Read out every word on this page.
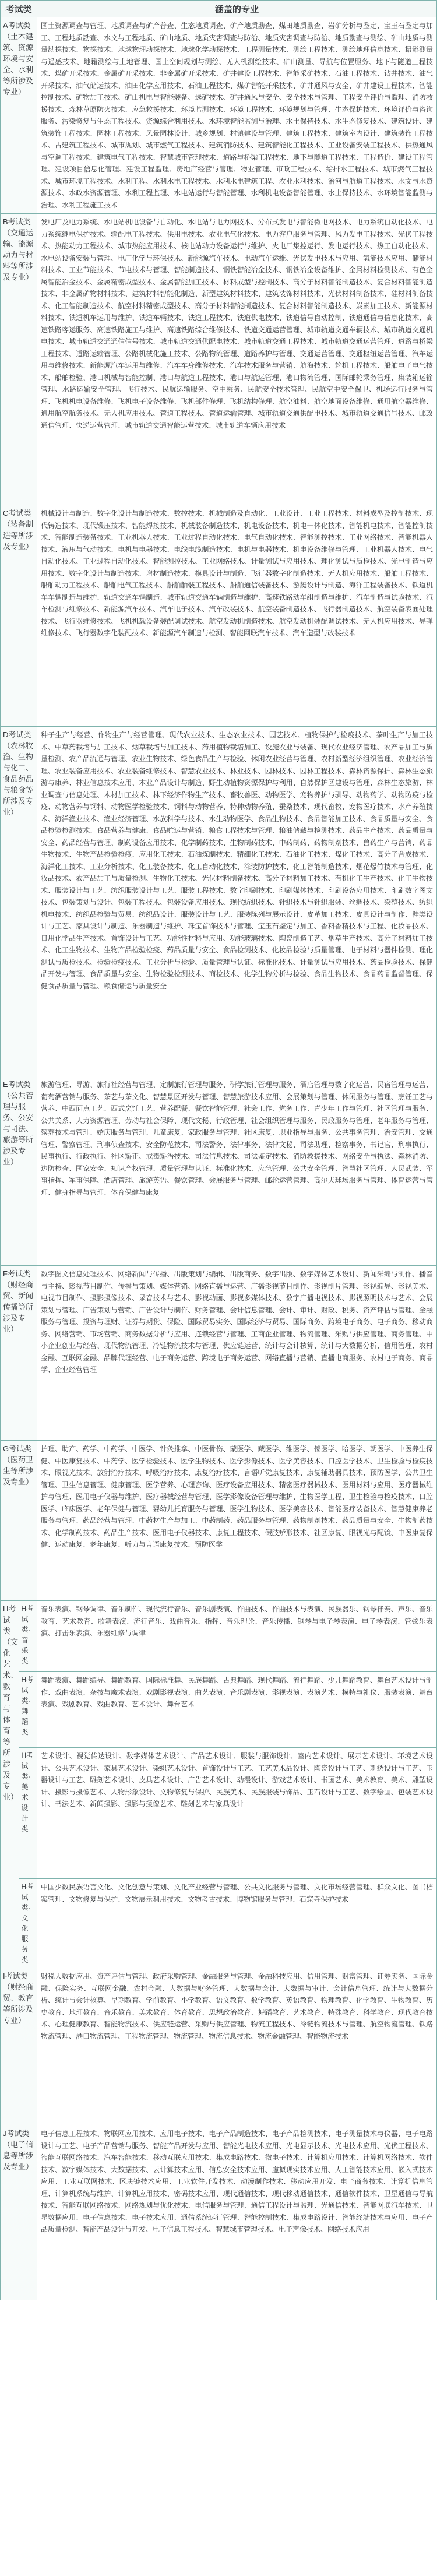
考试类		涵盖的专业
A考试类（土木建筑、资源环境与安全、水利等所涉及专业）		国土资源调查与管理、地质调查与矿产普查、生态地质调查、矿产地质勘查、煤田地质勘查、岩矿分析与鉴定、宝玉石鉴定与加工、工程地质勘查、水文与工程地质、矿山地质、地质灾害调查与防治、地质灾害调查与防治、地质勘查与测绘、矿山地质与测量勘探技术、物探技术、地球物理勘探技术、地球化学勘探技术、工程测量技术、测绘工程技术、测绘地理信息技术、摄影测量与遥感技术、地籍测绘与土地管理、国土空间规划与测绘、无人机测绘技术、矿山测量、导航与位置服务、地下与隧道工程技术、煤矿开采技术、金属矿开采技术、非金属矿开采技术、矿井建设工程技术、智能采矿技术、石油工程技术、钻井技术、油气开采技术、油气储运技术、油田化学应用技术、石油工程技术、煤矿智能开采技术、矿井通风与安全、矿井建设工程技术、智能控制技术、矿物加工技术、矿山机电与智能装备、选矿技术、矿井通风与安全、安全技术与管理、工程安全评价与监理、消防救援技术、森林草原防火技术、应急救援技术、环境监测技术、环境工程技术、环境规划与管理、生态保护技术、环境评价与咨询服务、污染修复与生态工程技术、资源综合利用技术、水环境智能监测与治理、水土保持技术、水生态修复技术、建筑设计、建筑装饰工程技术、园林工程技术、风景园林设计、城乡规划、村镇建设与管理、建筑工程技术、建筑室内设计、建筑装饰工程技术、古建筑工程技术、城市规划、城市燃气工程技术、建筑消防技术、建筑智能化工程技术、工业设备安装工程技术、供热通风与空调工程技术、建筑电气工程技术、智慧城市管理技术、道路与桥梁工程技术、地下与隧道工程技术、工程造价、建设工程管理、建设项目信息化管理、建设工程监理、房地产经营与管理、物业管理、市政工程技术、给排水工程技术、城市燃气工程技术、城市环境工程技术、水利工程、水利水电工程技术、水利水电建筑工程、农业水利技术、治河与航道工程技术、水文与水资源技术、水政水资源管理、水利工程监理、水电站运行与智能管理、水利机电设备智能管理、水土保持技术、水环境智能监测与治理、水利工程施工技术
B考试类（交通运输、能源动力与材料等所涉及专业）		发电厂及电力系统、水电站机电设备与自动化、水电站与电力网技术、分布式发电与智能微电网技术、电力系统自动化技术、电力系统继电保护技术、输配电工程技术、供用电技术、农业电气化技术、电力客户服务与管理、风力发电工程技术、光伏工程技术、热能动力工程技术、城市热能应用技术、核电站动力设备运行与维护、火电厂集控运行、发电运行技术、热工自动化技术、水电站设备安装与管理、电厂化学与环保技术、新能源汽车技术、电动汽车运维、光伏发电技术与应用、氢能技术应用、储能材料技术、工业节能技术、节电技术与管理、智能制造技术、钢铁智能冶金技术、钢铁冶金设备维护、金属材料检测技术、有色金属智能冶金技术、金属精密成型技术、金属智能加工技术、材料成型与控制技术、高分子材料智能制造技术、复合材料智能制造技术、非金属矿物材料技术、建筑材料智能化制造、新型建筑材料技术、建筑装饰材料技术、光伏材料制备技术、硅材料制备技术、化工智能制造技术、航空材料精密成型技术、高分子材料智能制造技术、复合材料智能制造技术、炭素加工技术、新能源材料技术、铁道机车运用与维护、铁道车辆技术、铁道工程技术、铁道供电技术、铁道信号自动控制、铁道通信与信息化技术、高速铁路客运服务、高速铁路施工与维护、高速铁路综合维修技术、铁道交通运营管理、城市轨道交通车辆技术、城市轨道交通机电技术、城市轨道交通通信信号技术、城市轨道交通供配电技术、城市轨道交通工程技术、城市轨道交通运营管理、道路与桥梁工程技术、道路运输管理、公路机械化施工技术、公路物流管理、道路养护与管理、交通运营管理、交通枢纽运营管理、汽车运用与维修技术、新能源汽车运用与维修、汽车车身维修技术、汽车技术服务与营销、航海技术、轮机工程技术、船舶电子电气技术、船舶检验、港口机械与智能控制、港口与航道工程技术、港口与航运管理、港口物流管理、国际邮轮乘务管理、集装箱运输管理、水路运输安全管理、飞行技术、民航运输服务、空中乘务、民航安全技术管理、民航空中安全保卫、机场运行服务与管理、飞机机电设备维修、飞机电子设备维修、飞机部件修理、飞机结构修理、航空油料、航空地面设备维修、通用航空器维修、通用航空航务技术、无人机应用技术、管道工程技术、管道运输管理、城市轨道交通供配电技术、城市轨道交通信号技术、邮政通信管理、快递运营管理、城市轨道交通智能运营技术、城市轨道车辆应用技术
C考试类（装备制造等所涉及专业）		机械设计与制造、数字化设计与制造技术、数控技术、机械制造及自动化、工业设计、工业工程技术、材料成型及控制技术、现代铸造技术、现代锻压技术、智能焊接技术、机械装备制造技术、机电设备技术、机电一体化技术、智能机电技术、智能控制技术、智能制造装备技术、工业机器人技术、工业过程自动化技术、电气自动化技术、智能测控技术、工业网络技术、智能机器人技术、液压与气动技术、电机与电器技术、电线电缆制造技术、电机与电器技术、机电设备维修与管理、工业机器人技术、电气自动化技术、工业过程自动化技术、智能测控技术、工业网络技术、计量测试与应用技术、理化测试与质检技术、光电制造与应用技术、数字化设计与制造技术、增材制造技术、模具设计与制造、飞行器数字化制造技术、无人机应用技术、船舶工程技术、船舶动力工程技术、船舶电气工程技术、船舶舾装工程技术、船舶通信装备技术、游艇设计与制造、海洋工程装备技术、铁道机车车辆制造与维护、轨道交通车辆制造、城市轨道交通车辆制造与维护、高速铁路动车组制造与维护、汽车制造与试验技术、汽车检测与维修技术、新能源汽车技术、汽车电子技术、汽车改装技术、航空装备制造技术、飞行器制造技术、航空装备表面处理技术、飞行器维修技术、飞机机载设备装配调试技术、航空发动机制造技术、航空发动机装配调试技术、无人机应用技术、导弹维修技术、飞行器数字化装配技术、新能源汽车制造与检测、智能网联汽车技术、汽车造型与改装技术
D考试类（农林牧渔、生物与化工、食品药品与粮食等所涉及专业）		种子生产与经营、作物生产与经营管理、现代农业技术、生态农业技术、园艺技术、植物保护与检疫技术、茶叶生产与加工技术、中草药栽培与加工技术、烟草栽培与加工技术、药用植物栽培加工、设施农业与装备、现代农业经济管理、农产品加工与质量检测、农产品流通与管理、农业生物技术、绿色食品生产与检验、休闲农业经营与管理、农村新型经济组织管理、农业经济管理、农业装备应用技术、农业装备维修技术、智慧农业技术、林业技术、园林技术、园林工程技术、森林资源保护、森林生态旅游与康养、林业信息技术应用、木业产品设计与制造、野生动植物资源保护与利用、自然保护区建设与管理、森林生态旅游、林业调查与信息处理、木材加工技术、林下经济作物生产技术、畜牧兽医、动物医学、宠物养护与驯导、动物药学、动物防疫与检疫、动物营养与饲料、动物医学检验技术、饲料与动物营养、特种动物养殖、蚕桑技术、现代畜牧、宠物医疗技术、水产养殖技术、海洋渔业技术、渔业经济管理、水族科学与技术、水生动物医学、食品生物技术、食品智能加工技术、食品质量与安全、食品检验检测技术、食品营养与健康、食品贮运与营销、粮食工程技术与管理、粮油储藏与检测技术、药品生产技术、药品质量与安全、药品经营与管理、制药设备应用技术、化学制药技术、生物制药技术、中药制药、药物制剂技术、兽药生产与营销、药品生物技术、生物产品检验检疫、应用化工技术、石油炼制技术、精细化工技术、石油化工技术、煤化工技术、高分子合成技术、海洋化工技术、工业分析技术、化工装备技术、化工自动化技术、涂装防护技术、化工智能制造技术、烟花爆竹技术与管理、化妆品技术、农产品加工与质量检测、生物化工技术、光伏材料制备技术、高分子材料加工技术、有机化工生产技术、化工生物技术、服装设计与工艺、纺织服装设计与工艺、服装工程技术、数字印刷技术、印刷媒体技术、印刷设备应用技术、印刷数字图文技术、包装策划与设计、包装工程技术、包装设备应用技术、现代纺织技术、针织技术与针织服装、丝绸技术、染整技术、纺织机电技术、纺织品检验与贸易、纺织品设计、服装设计与工艺、服装陈列与展示设计、皮革加工技术、皮具设计与制作、鞋类设计与工艺、家具设计与制造、乐器制造与维护、珠宝首饰技术与管理、宝玉石鉴定与加工、香料香精技术与工程、化妆品技术、日用化学品生产技术、首饰设计与工艺、功能性材料与应用、功能玻璃技术、陶瓷制造工艺、烟草生产技术、高分子材料加工技术、化工生物技术、生物产品检验检疫、药品质量与安全、食品检测技术、化妆品检验与质量管理、电子材料与器件检测、理化测试与质检技术、检验检疫技术、工业分析与检验、质量管理与认证、标准化技术、计量测试与应用技术、药品检验技术、保健品开发与管理、食品质量与安全、生物检验检测技术、商检技术、化学生物分析与检验、食品生物技术、食品药品监督管理、保健食品质量与管理、粮食储运与质量安全
E考试类（公共管理与服务、公安与司法、旅游等所涉及专业）		旅游管理、导游、旅行社经营与管理、定制旅行管理与服务、研学旅行管理与服务、酒店管理与数字化运营、民宿管理与运营、葡萄酒营销与服务、茶艺与茶文化、智慧景区开发与管理、智慧旅游技术应用、会展策划与管理、休闲服务与管理、烹饪工艺与营养、中西面点工艺、西式烹饪工艺、营养配餐、餐饮智能管理、社会工作、党务工作、青少年工作与管理、社区管理与服务、公共关系、人力资源管理、劳动与社会保障、现代文秘、行政管理、社会组织管理与服务、民政服务与管理、老年服务与管理、殡葬技术与管理、婚庆服务与管理、儿童康复、家政服务与管理、社区康复、职业指导与服务、公共事务管理、治安管理、交通管理、警察管理、刑事侦查技术、安全防范技术、司法警务、法律事务、法律文秘、司法助理、检察事务、书记官、刑事执行、民事执行、行政执行、社区矫正、戒毒矫治技术、司法信息技术、司法鉴定技术、消防救援技术、网络安全与执法、森林消防、边防检查、国家安全、知识产权管理、质量管理与认证、标准化技术、应急管理、公共安全管理、智慧社区管理、人民武装、军事指挥、军事保障、酒店管理、旅游英语、餐饮管理、会展服务与管理、邮轮运营管理、高尔夫球场服务与管理、体育运营与管理、健身指导与管理、体育保健与康复
F考试类（财经商贸、新闻传播等所涉及专业）		数字图文信息处理技术、网络新闻与传播、出版策划与编辑、出版商务、数字出版、数字媒体艺术设计、新闻采编与制作、播音与主持、影视节目制作、传播与策划、媒体营销、网络直播与运营、广播影视节目制作、影视制片管理、影视编导、影视美术、电视节目制作、摄影摄像技术、录音技术与艺术、影视动画、影视多媒体技术、数字广播电视技术、影视照明技术与艺术、会展策划与管理、广告策划与营销、广告设计与制作、财务管理、会计信息管理、会计、审计、财政、税务、资产评估与管理、金融服务与管理、投资与理财、证券与期货、保险、国际贸易实务、国际经济与贸易、国际商务、跨境电子商务、电子商务、移动商务、网络营销、市场营销、商务数据分析与应用、连锁经营与管理、工商企业管理、物流管理、采购与供应管理、商务管理、中小企业创业与经营、现代物流管理、冷链物流技术与管理、供应链运营、统计与会计核算、统计与大数据分析、信用管理、农村金融、互联网金融、品牌代理经营、电子商务运营、跨境电子商务运营、网络直播与营销、直播电商服务、农村电子商务、商品学、企业经营管理
G考试类（医药卫生等所涉及专业）		护理、助产、药学、中药学、中医学、针灸推拿、中医骨伤、蒙医学、藏医学、维医学、傣医学、哈医学、朝医学、中医养生保健、中医康复技术、中药学、医学检验技术、医学生物技术、医学影像技术、医学美容技术、口腔医学技术、卫生检验与检疫技术、眼视光技术、放射治疗技术、呼吸治疗技术、康复治疗技术、言语听觉康复技术、康复辅助器具技术、预防医学、公共卫生管理、卫生信息管理、健康管理、医学营养、心理咨询、医疗设备应用技术、精密医疗器械技术、医用材料与应用、医疗器械维护与管理、医用电子仪器与维护、医疗器械经营与管理、医学影像设备管理与维护、生物医学工程、卫生检验与检疫技术、口腔医学、临床医学、老年保健与管理、婴幼儿托育服务与管理、医学生物技术、医学美容技术、智能医疗装备技术、智慧健康养老服务与管理、药品经营与管理、中药材生产与加工、中药制药、药品服务与管理、药物制剂技术、药品质量与安全、生物制药技术、化学制药技术、药品生产技术、医用电子仪器技术、康复工程技术、假肢矫形技术、社区康复、眼视光与配镜、中医康复保健、运动康复、老年康复、听力与言语康复技术、预防医学
H考试类（文化艺术、教育与体育等所涉及专业）	H考试类-音乐类	音乐表演、钢琴调律、音乐制作、现代流行音乐、音乐剧表演、作曲技术、作曲技术与表演、民族器乐、钢琴伴奏、声乐、音乐教育、艺术教育、歌舞表演、流行音乐、戏曲音乐、指挥、音乐理论、音乐传播、钢琴与电子琴表演、电子琴表演、管弦乐表演、打击乐表演、乐器维修与调律
	H考试类-舞蹈类	舞蹈表演、舞蹈编导、舞蹈教育、国际标准舞、民族舞蹈、古典舞蹈、现代舞蹈、流行舞蹈、少儿舞蹈教育、舞台艺术设计与制作、戏曲表演、杂技与魔术表演、戏剧影视表演、曲艺表演、音乐剧表演、影视表演、表演艺术、模特与礼仪、服装表演、舞台表演、戏剧教育、戏曲教育、艺术设计、舞台艺术
	H考试类-美术设计类	艺术设计、视觉传达设计、数字媒体艺术设计、产品艺术设计、服装与服饰设计、室内艺术设计、展示艺术设计、环境艺术设计、公共艺术设计、家具艺术设计、染织艺术设计、首饰设计与工艺、工艺美术品设计、陶瓷设计与工艺、刺绣设计与工艺、玉器设计与工艺、雕刻艺术设计、皮具艺术设计、广告艺术设计、动漫设计、游戏艺术设计、书画艺术、美术教育、美术、雕塑设计、摄影与摄像艺术、人物形象设计、文物修复与保护、民族美术、民族服装与饰品、玉石设计与工艺、数字绘画、包装艺术设计、书法艺术、新闻摄影、摄影与摄像艺术、雕刻艺术与家具设计
	H考试类-文化服务类	中国少数民族语言文化、文化创意与策划、文化产业经营与管理、公共文化服务与管理、文化市场经营管理、群众文化、图书档案管理、文物修复与保护、文物展示利用技术、文物考古技术、博物馆服务与管理、石窟寺保护技术
I考试类（财经商贸、教育等所涉及专业）		财税大数据应用、资产评估与管理、政府采购管理、金融服务与管理、金融科技应用、信用管理、财富管理、证券实务、国际金融、保险实务、互联网金融、农村金融、大数据与财务管理、大数据与会计、大数据与审计、会计信息管理、统计与大数据分析、统计与会计核算、早期教育、学前教育、小学教育、语文教育、数学教育、英语教育、物理教育、化学教育、生物教育、历史教育、地理教育、音乐教育、美术教育、体育教育、思想政治教育、舞蹈教育、艺术教育、特殊教育、科学教育、现代教育技术、心理健康教育、智能物流技术、供应链运营、采购与供应管理、物流工程技术、冷链物流技术与管理、航空物流管理、铁路物流管理、港口物流管理、工程物流管理、物流管理、物流信息技术、物流金融管理、智能物流技术
J考试类（电子信息等所涉及专业）		电子信息工程技术、物联网应用技术、应用电子技术、电子产品制造技术、电子产品检测技术、电子测量技术与仪器、电子电路设计与工艺、电子产品营销与服务、智能产品开发与应用、智能光电技术应用、光电显示技术、光电技术应用、光伏工程技术、智能互联网络技术、汽车智能技术、移动互联应用技术、集成电路技术、微电子技术、计算机应用技术、计算机网络技术、软件技术、数字媒体技术、大数据技术、云计算技术应用、信息安全技术应用、虚拟现实技术应用、人工智能技术应用、嵌入式技术应用、工业互联网技术、区块链技术应用、工业软件开发技术、动漫制作技术、移动应用开发、电子商务技术、计算机信息管理、计算机系统与维护、计算机应用技术、密码技术应用、现代通信技术、现代移动通信技术、通信软件技术、卫星通信与导航技术、智能互联网络技术、网络规划与优化技术、电信服务与管理、通信工程设计与监理、光通信技术、智能网联汽车技术、卫星数据应用、电子信息技术、电子技术应用、通信系统运行管理、智能控制技术、集成电路设计、智能终端技术与应用、电子产品质量检测、智能产品设计与开发、电子信息工程技术、智慧城市管理技术、电子声像技术、网络技术应用
